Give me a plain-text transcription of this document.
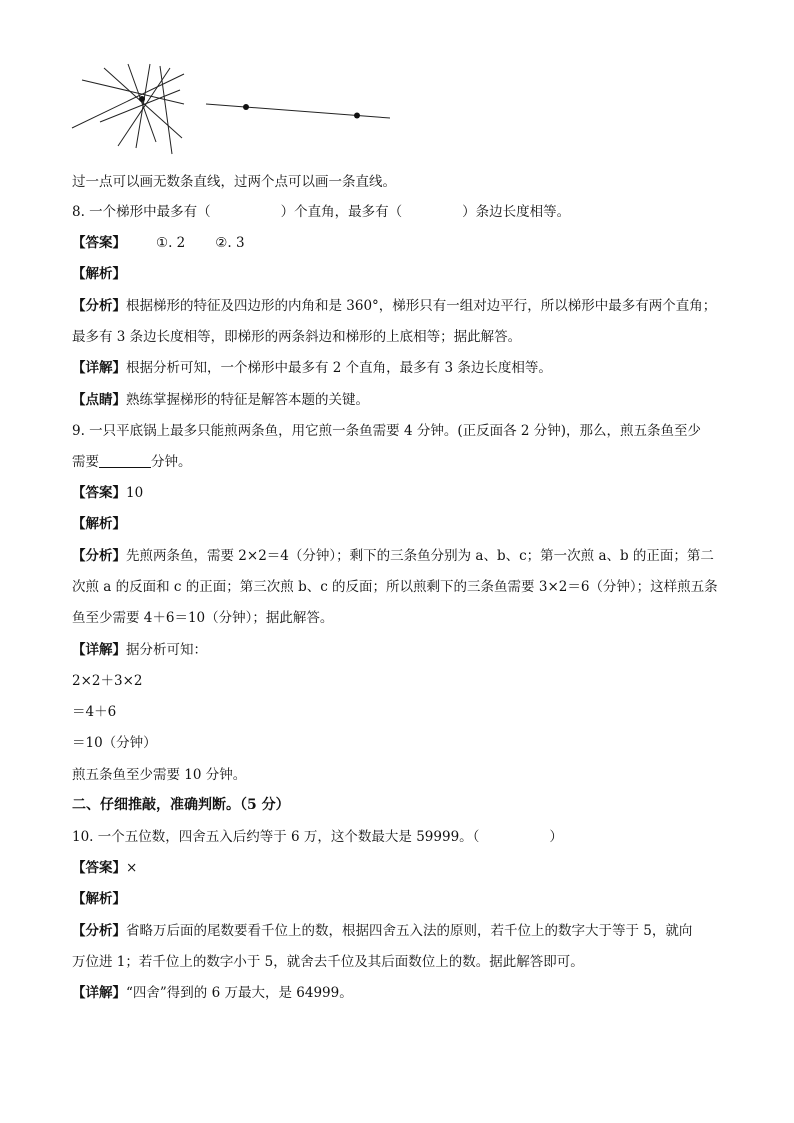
过一点可以画无数条直线，过两个点可以画一条直线。
8. 一个梯形中最多有（	）个直角，最多有（	）条边长度相等。
【答案】 ①. 2 ②. 3
【解析】
【分析】根据梯形的特征及四边形的内角和是 360°，梯形只有一组对边平行，所以梯形中最多有两个直角；
最多有 3 条边长度相等，即梯形的两条斜边和梯形的上底相等；据此解答。
【详解】根据分析可知，一个梯形中最多有 2 个直角，最多有 3 条边长度相等。
【点睛】熟练掌握梯形的特征是解答本题的关键。
9. 一只平底锅上最多只能煎两条鱼，用它煎一条鱼需要 4 分钟。(正反面各 2 分钟)，那么，煎五条鱼至少
需要	分钟。
【答案】10
【解析】
【分析】先煎两条鱼，需要 2×2＝4（分钟）；剩下的三条鱼分别为 a、b、c；第一次煎 a、b 的正面；第二
次煎 a 的反面和 c 的正面；第三次煎 b、c 的反面；所以煎剩下的三条鱼需要 3×2＝6（分钟）；这样煎五条
鱼至少需要 4＋6＝10（分钟）；据此解答。
【详解】据分析可知：
2×2＋3×2
＝4＋6
＝10（分钟）
煎五条鱼至少需要 10 分钟。
二、仔细推敲，准确判断。（5 分）
10. 一个五位数，四舍五入后约等于 6 万，这个数最大是 59999。（	）
【答案】×
【解析】
【分析】省略万后面的尾数要看千位上的数，根据四舍五入法的原则，若千位上的数字大于等于 5，就向
万位进 1；若千位上的数字小于 5，就舍去千位及其后面数位上的数。据此解答即可。
【详解】“四舍”得到的 6 万最大，是 64999。
